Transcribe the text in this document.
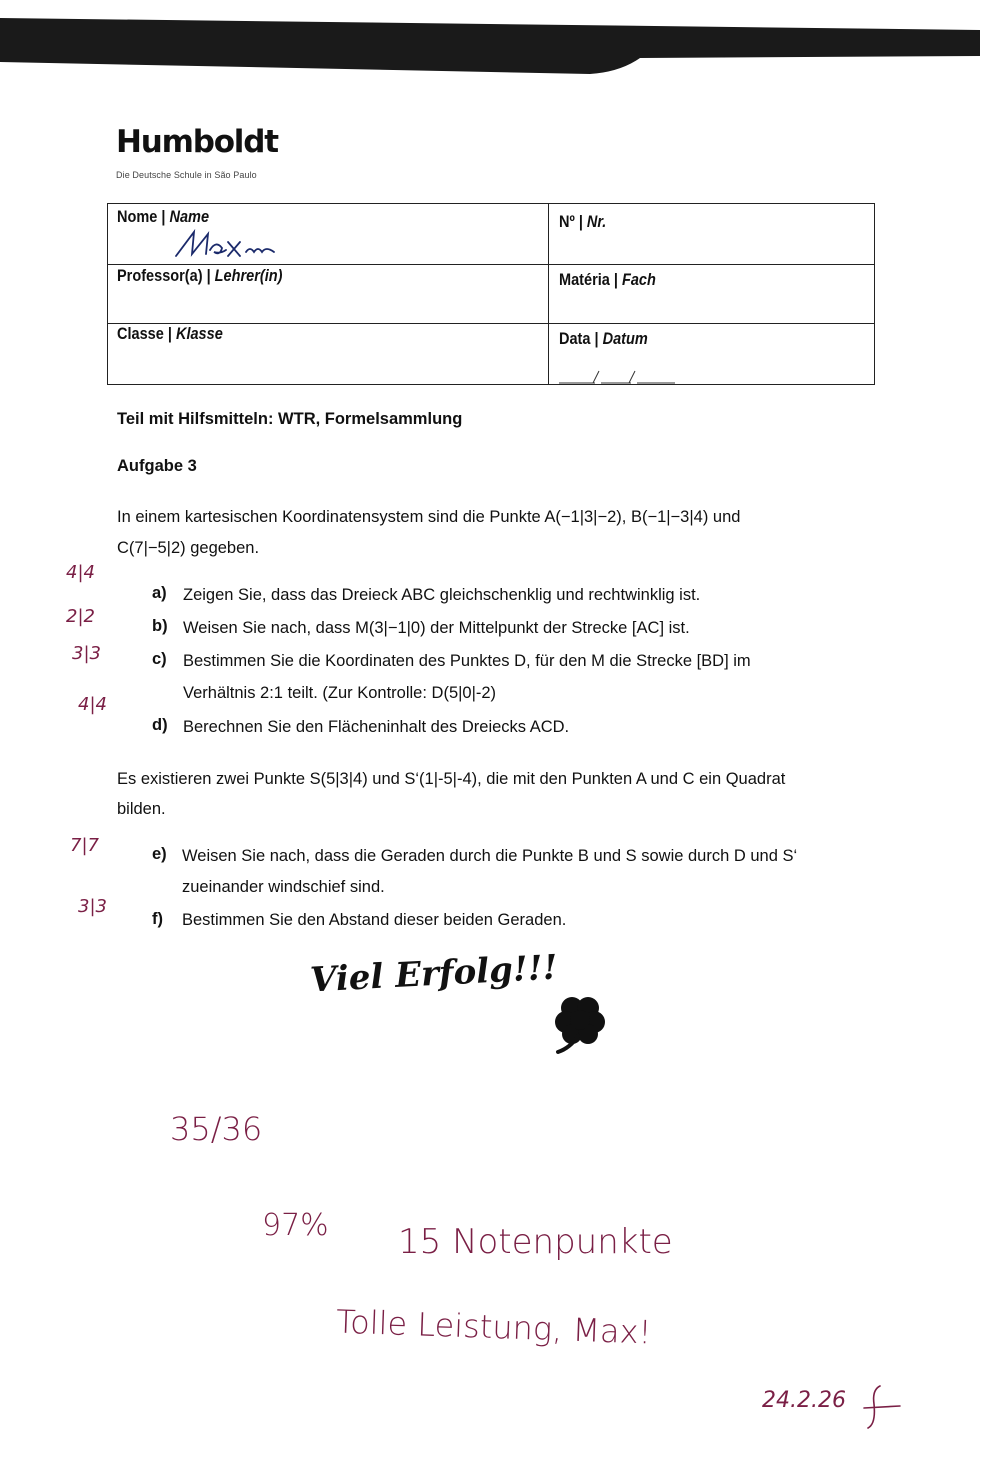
Humboldt
Die Deutsche Schule in São Paulo
Nome | Name	Nº | Nr.
Professor(a) | Lehrer(in)	Matéria | Fach
Classe | Klasse	Data | Datum
Teil mit Hilfsmitteln: WTR, Formelsammlung
Aufgabe 3
In einem kartesischen Koordinatensystem sind die Punkte A(−1|3|−2), B(−1|−3|4) und
C(7|−5|2) gegeben.
a) Zeigen Sie, dass das Dreieck ABC gleichschenklig und rechtwinklig ist.
b) Weisen Sie nach, dass M(3|−1|0) der Mittelpunkt der Strecke [AC] ist.
c) Bestimmen Sie die Koordinaten des Punktes D, für den M die Strecke [BD] im
Verhältnis 2:1 teilt. (Zur Kontrolle: D(5|0|-2)
d) Berechnen Sie den Flächeninhalt des Dreiecks ACD.
Es existieren zwei Punkte S(5|3|4) und S‘(1|-5|-4), die mit den Punkten A und C ein Quadrat
bilden.
e) Weisen Sie nach, dass die Geraden durch die Punkte B und S sowie durch D und S‘
zueinander windschief sind.
f) Bestimmen Sie den Abstand dieser beiden Geraden.
Viel Erfolg!!!
4|4
2|2
3|3
4|4
7|7
3|3
35/36
97% 15 Notenpunkte
Tolle Leistung, Max!
24.2.26
